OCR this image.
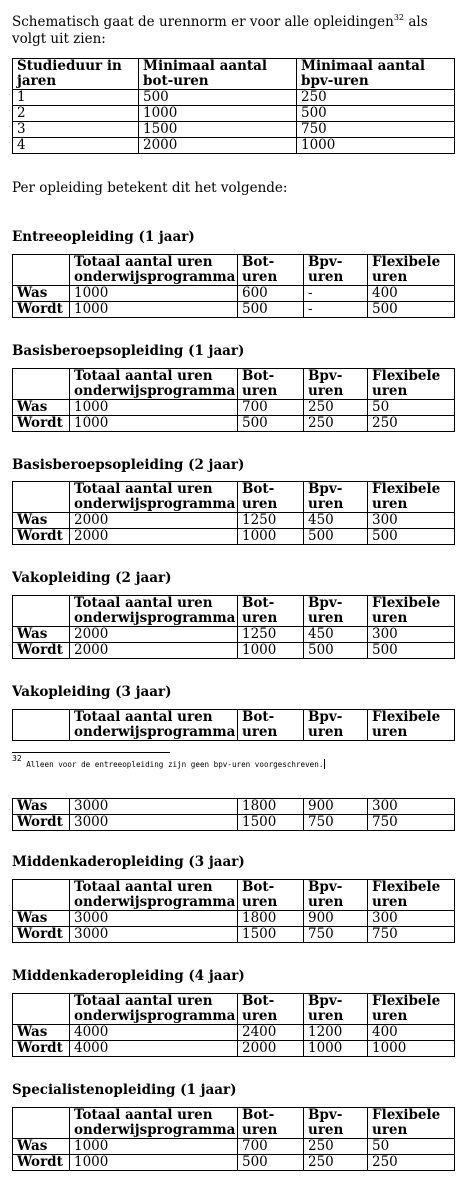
Schematisch gaat de urennorm er voor alle opleidingen$^{32}$ als volgt uit zien:

Studieduur in jaren	Minimaal aantal bot-uren	Minimaal aantal bpv-uren
1	500	250
2	1000	500
3	1500	750
4	2000	1000

Per opleiding betekent dit het volgende:

Entreeopleiding (1 jaar)
	Totaal aantal uren onderwijsprogramma	Bot-uren	Bpv-uren	Flexibele uren
Was	1000	600	-	400
Wordt	1000	500	-	500
Basisberoepsopleiding (1 jaar)
	Totaal aantal uren onderwijsprogramma	Bot-uren	Bpv-uren	Flexibele uren
Was	1000	700	250	50
Wordt	1000	500	250	250
Basisberoepsopleiding (2 jaar)
	Totaal aantal uren onderwijsprogramma	Bot-uren	Bpv-uren	Flexibele uren
Was	2000	1250	450	300
Wordt	2000	1000	500	500
Vakopleiding (2 jaar)
	Totaal aantal uren onderwijsprogramma	Bot-uren	Bpv-uren	Flexibele uren
Was	2000	1250	450	300
Wordt	2000	1000	500	500
Vakopleiding (3 jaar)
	Totaal aantal uren onderwijsprogramma	Bot-uren	Bpv-uren	Flexibele uren
$^{32}$ Alleen voor de entreeopleiding zijn geen bpv-uren voorgeschreven.
Was	3000	1800	900	300
Wordt	3000	1500	750	750
Middenkaderopleiding (3 jaar)
	Totaal aantal uren onderwijsprogramma	Bot-uren	Bpv-uren	Flexibele uren
Was	3000	1800	900	300
Wordt	3000	1500	750	750
Middenkaderopleiding (4 jaar)
	Totaal aantal uren onderwijsprogramma	Bot-uren	Bpv-uren	Flexibele uren
Was	4000	2400	1200	400
Wordt	4000	2000	1000	1000
Specialistenopleiding (1 jaar)
	Totaal aantal uren onderwijsprogramma	Bot-uren	Bpv-uren	Flexibele uren
Was	1000	700	250	50
Wordt	1000	500	250	250
